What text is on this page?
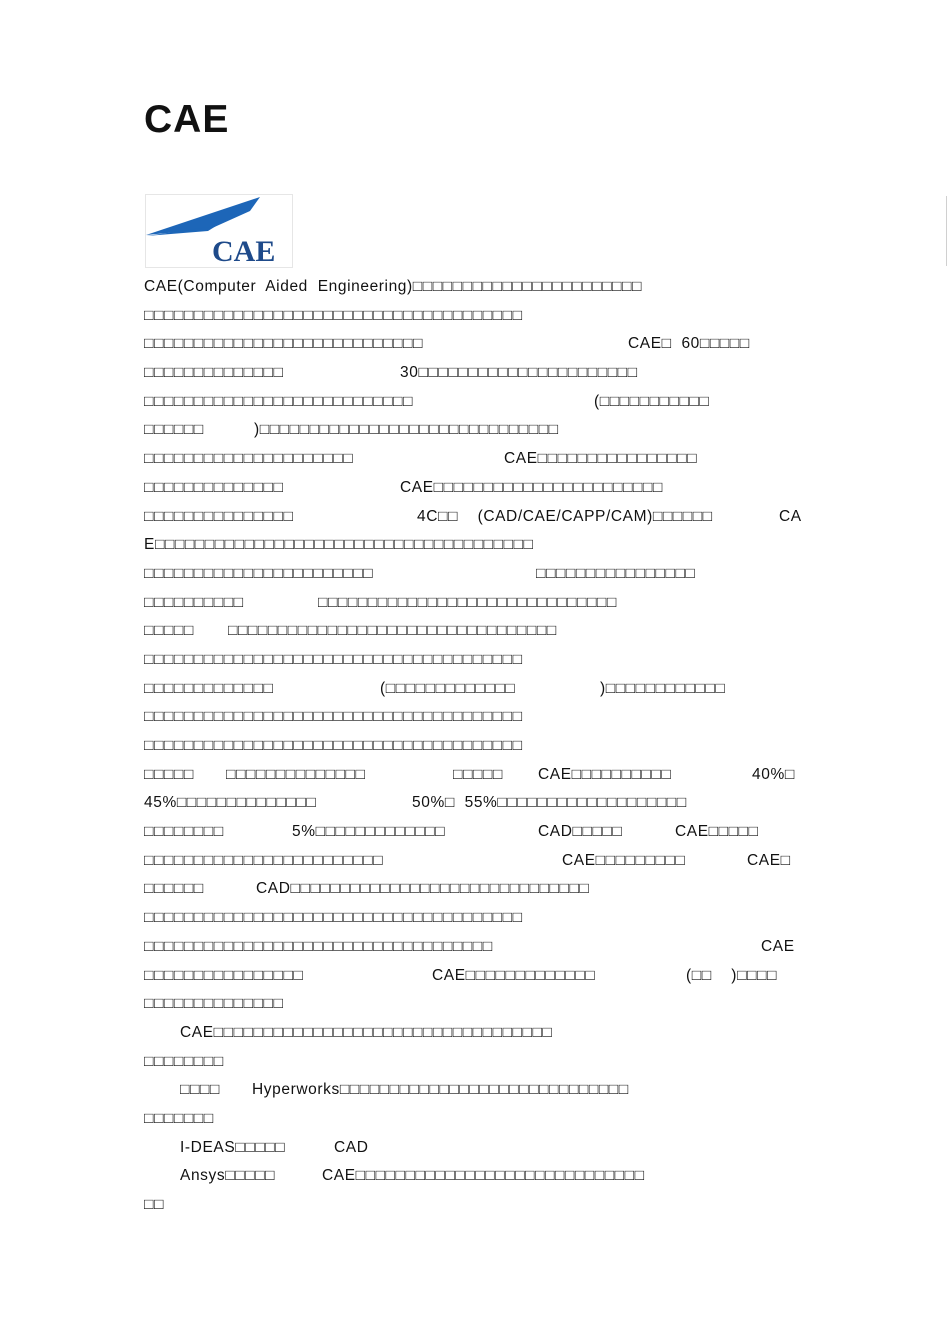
CAE
CAE
CAE(Computer  Aided  Engineering)□□□□□□□□□□□□□□□□□□□□□□□
□□□□□□□□□□□□□□□□□□□□□□□□□□□□□□□□□□□□□□
□□□□□□□□□□□□□□□□□□□□□□□□□□□□	CAE□  60□□□□□
□□□□□□□□□□□□□□	30□□□□□□□□□□□□□□□□□□□□□□
□□□□□□□□□□□□□□□□□□□□□□□□□□□	(□□□□□□□□□□□
□□□□□□	)□□□□□□□□□□□□□□□□□□□□□□□□□□□□□□
□□□□□□□□□□□□□□□□□□□□□	CAE□□□□□□□□□□□□□□□□
□□□□□□□□□□□□□□	CAE□□□□□□□□□□□□□□□□□□□□□□□
□□□□□□□□□□□□□□□	4C□□    (CAD/CAE/CAPP/CAM)□□□□□□	CA
E□□□□□□□□□□□□□□□□□□□□□□□□□□□□□□□□□□□□□□
□□□□□□□□□□□□□□□□□□□□□□□	□□□□□□□□□□□□□□□□
□□□□□□□□□□	□□□□□□□□□□□□□□□□□□□□□□□□□□□□□□
□□□□□ □□□□□□□□□□□□□□□□□□□□□□□□□□□□□□□□□
□□□□□□□□□□□□□□□□□□□□□□□□□□□□□□□□□□□□□□
□□□□□□□□□□□□□	(□□□□□□□□□□□□□	)□□□□□□□□□□□□
□□□□□□□□□□□□□□□□□□□□□□□□□□□□□□□□□□□□□□
□□□□□□□□□□□□□□□□□□□□□□□□□□□□□□□□□□□□□□
□□□□□ □□□□□□□□□□□□□□	□□□□□ CAE□□□□□□□□□□	40%□
45%□□□□□□□□□□□□□□	50%□  55%□□□□□□□□□□□□□□□□□□□
□□□□□□□□	5%□□□□□□□□□□□□□	CAD□□□□□	CAE□□□□□
□□□□□□□□□□□□□□□□□□□□□□□□	CAE□□□□□□□□□	CAE□
□□□□□□	CAD□□□□□□□□□□□□□□□□□□□□□□□□□□□□□□
□□□□□□□□□□□□□□□□□□□□□□□□□□□□□□□□□□□□□□
□□□□□□□□□□□□□□□□□□□□□□□□□□□□□□□□□□□	CAE
□□□□□□□□□□□□□□□□	CAE□□□□□□□□□□□□□	(□□    )□□□□
□□□□□□□□□□□□□□
CAE□□□□□□□□□□□□□□□□□□□□□□□□□□□□□□□□□□
□□□□□□□□
□□□□ Hyperworks□□□□□□□□□□□□□□□□□□□□□□□□□□□□□
□□□□□□□
I-DEAS□□□□□	CAD
Ansys□□□□□	CAE□□□□□□□□□□□□□□□□□□□□□□□□□□□□□
□□
